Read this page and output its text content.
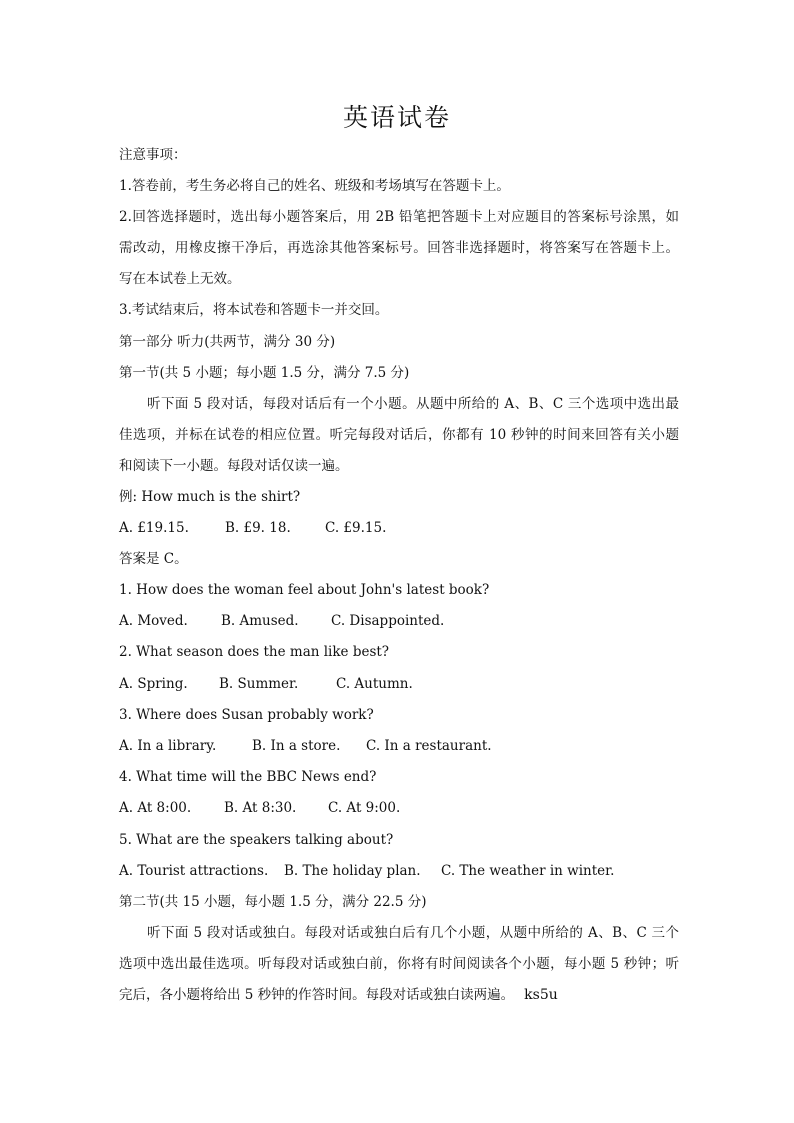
英语试卷
注意事项：
1.答卷前，考生务必将自己的姓名、班级和考场填写在答题卡上。
2.回答选择题时，选出每小题答案后，用 2B 铅笔把答题卡上对应题目的答案标号涂黑，如
需改动，用橡皮擦干净后，再选涂其他答案标号。回答非选择题时，将答案写在答题卡上。
写在本试卷上无效。
3.考试结束后，将本试卷和答题卡一并交回。
第一部分 听力(共两节，满分 30 分)
第一节(共 5 小题；每小题 1.5 分，满分 7.5 分)
听下面 5 段对话，每段对话后有一个小题。从题中所给的 A、B、C 三个选项中选出最
佳选项，并标在试卷的相应位置。听完每段对话后，你都有 10 秒钟的时间来回答有关小题
和阅读下一小题。每段对话仅读一遍。
例: How much is the shirt?
A. £19.15.	B. £9. 18.	C. £9.15.
答案是 C。
1. How does the woman feel about John's latest book?
A. Moved. B. Amused. C. Disappointed.
2. What season does the man like best?
A. Spring. B. Summer.	C. Autumn.
3. Where does Susan probably work?
A. In a library.	B. In a store. C. In a restaurant.
4. What time will the BBC News end?
A. At 8:00. B. At 8:30. C. At 9:00.
5. What are the speakers talking about?
A. Tourist attractions. B. The holiday plan. C. The weather in winter.
第二节(共 15 小题，每小题 1.5 分，满分 22.5 分)
听下面 5 段对话或独白。每段对话或独白后有几个小题，从题中所给的 A、B、C 三个
选项中选出最佳选项。听每段对话或独白前，你将有时间阅读各个小题，每小题 5 秒钟；听
完后，各小题将给出 5 秒钟的作答时间。每段对话或独白读两遍。 ks5u
